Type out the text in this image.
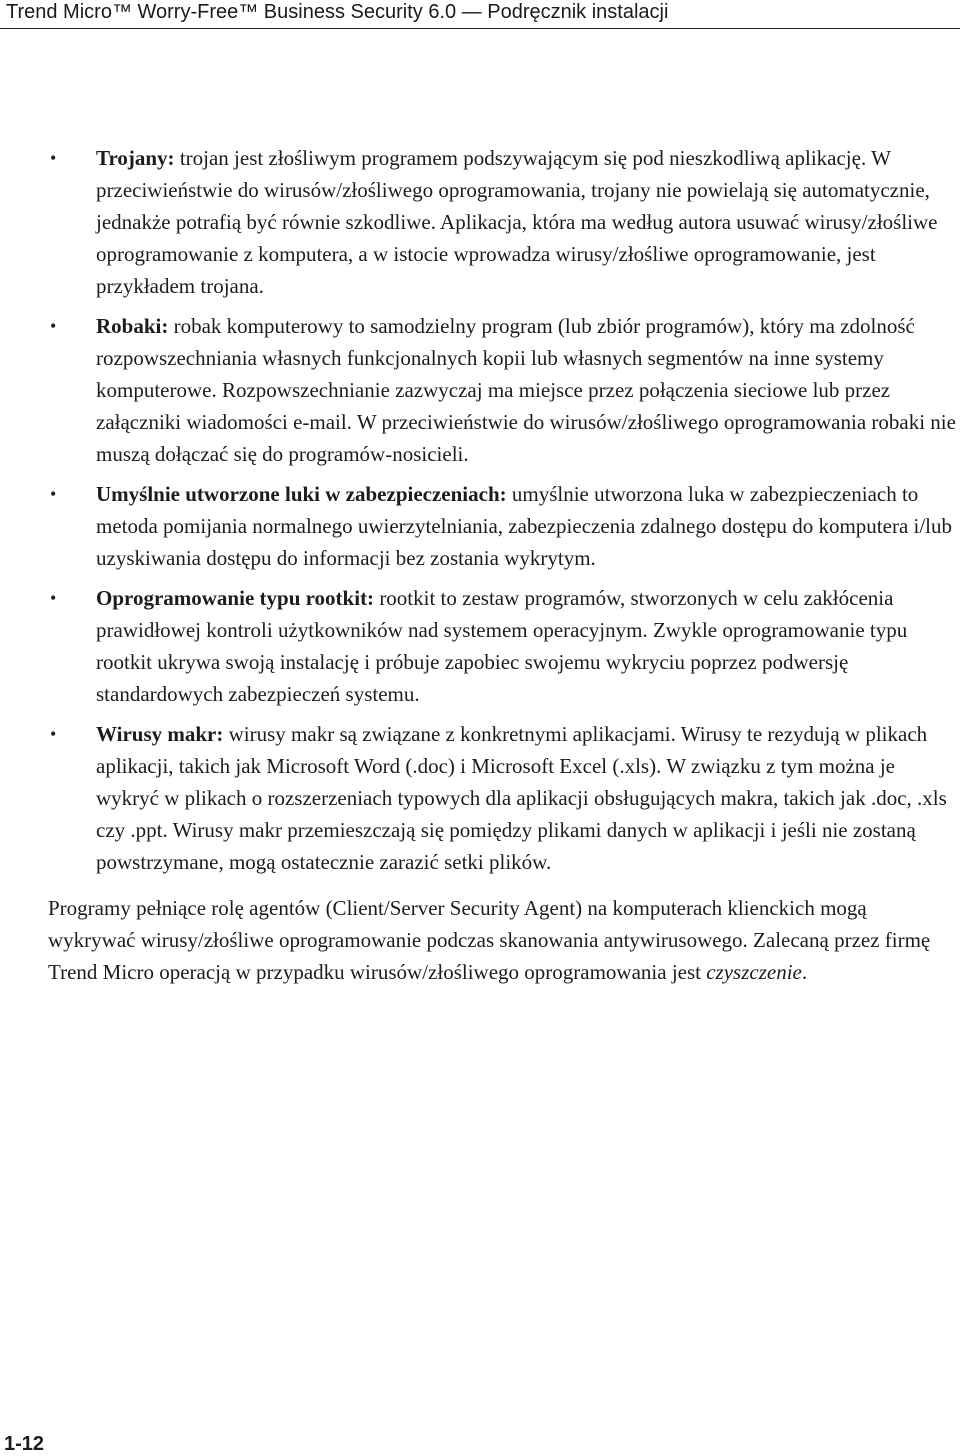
Trend Micro™ Worry-Free™ Business Security 6.0 — Podręcznik instalacji
• Trojany: trojan jest złośliwym programem podszywającym się pod nieszkodliwą aplikację. W przeciwieństwie do wirusów/złośliwego oprogramowania, trojany nie powielają się automatycznie, jednakże potrafią być równie szkodliwe. Aplikacja, która ma według autora usuwać wirusy/złośliwe oprogramowanie z komputera, a w istocie wprowadza wirusy/złośliwe oprogramowanie, jest przykładem trojana.
• Robaki: robak komputerowy to samodzielny program (lub zbiór programów), który ma zdolność rozpowszechniania własnych funkcjonalnych kopii lub własnych segmentów na inne systemy komputerowe. Rozpowszechnianie zazwyczaj ma miejsce przez połączenia sieciowe lub przez załączniki wiadomości e-mail. W przeciwieństwie do wirusów/złośliwego oprogramowania robaki nie muszą dołączać się do programów-nosicieli.
• Umyślnie utworzone luki w zabezpieczeniach: umyślnie utworzona luka w zabezpieczeniach to metoda pomijania normalnego uwierzytelniania, zabezpieczenia zdalnego dostępu do komputera i/lub uzyskiwania dostępu do informacji bez zostania wykrytym.
• Oprogramowanie typu rootkit: rootkit to zestaw programów, stworzonych w celu zakłócenia prawidłowej kontroli użytkowników nad systemem operacyjnym. Zwykle oprogramowanie typu rootkit ukrywa swoją instalację i próbuje zapobiec swojemu wykryciu poprzez podwersję standardowych zabezpieczeń systemu.
• Wirusy makr: wirusy makr są związane z konkretnymi aplikacjami. Wirusy te rezydują w plikach aplikacji, takich jak Microsoft Word (.doc) i Microsoft Excel (.xls). W związku z tym można je wykryć w plikach o rozszerzeniach typowych dla aplikacji obsługujących makra, takich jak .doc, .xls czy .ppt. Wirusy makr przemieszczają się pomiędzy plikami danych w aplikacji i jeśli nie zostaną powstrzymane, mogą ostatecznie zarazić setki plików.

Programy pełniące rolę agentów (Client/Server Security Agent) na komputerach klienckich mogą wykrywać wirusy/złośliwe oprogramowanie podczas skanowania antywirusowego. Zalecaną przez firmę Trend Micro operacją w przypadku wirusów/złośliwego oprogramowania jest czyszczenie.

1-12
